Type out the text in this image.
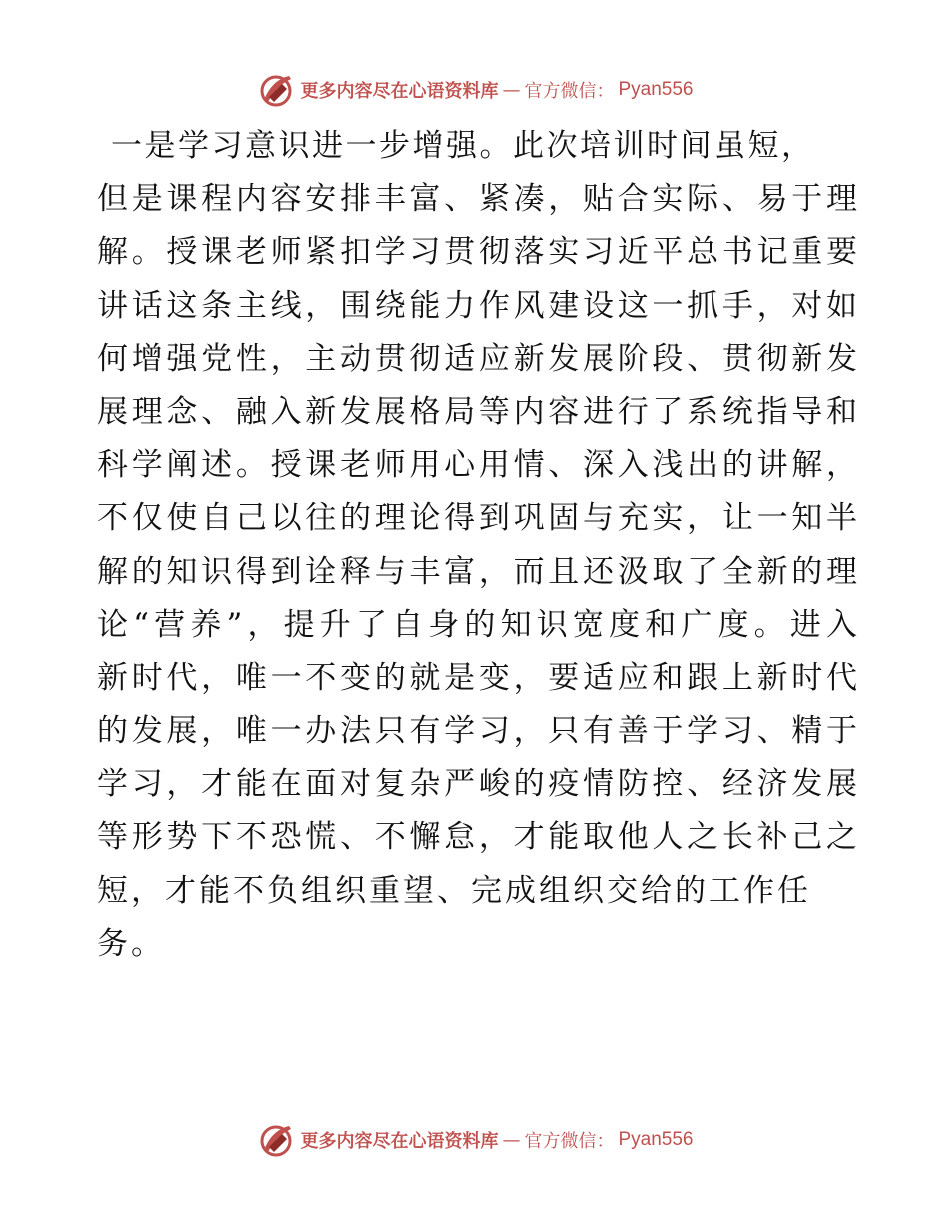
更多内容尽在心语资料库 — 官方微信： Pyan556
一是学习意识进一步增强。此次培训时间虽短，
但是课程内容安排丰富、紧凑，贴合实际、易于理
解。授课老师紧扣学习贯彻落实习近平总书记重要
讲话这条主线，围绕能力作风建设这一抓手，对如
何增强党性，主动贯彻适应新发展阶段、贯彻新发
展理念、融入新发展格局等内容进行了系统指导和
科学阐述。授课老师用心用情、深入浅出的讲解，
不仅使自己以往的理论得到巩固与充实，让一知半
解的知识得到诠释与丰富，而且还汲取了全新的理
论“营养”，提升了自身的知识宽度和广度。进入
新时代，唯一不变的就是变，要适应和跟上新时代
的发展，唯一办法只有学习，只有善于学习、精于
学习，才能在面对复杂严峻的疫情防控、经济发展
等形势下不恐慌、不懈怠，才能取他人之长补己之
短，才能不负组织重望、完成组织交给的工作任
务。
更多内容尽在心语资料库 — 官方微信： Pyan556
